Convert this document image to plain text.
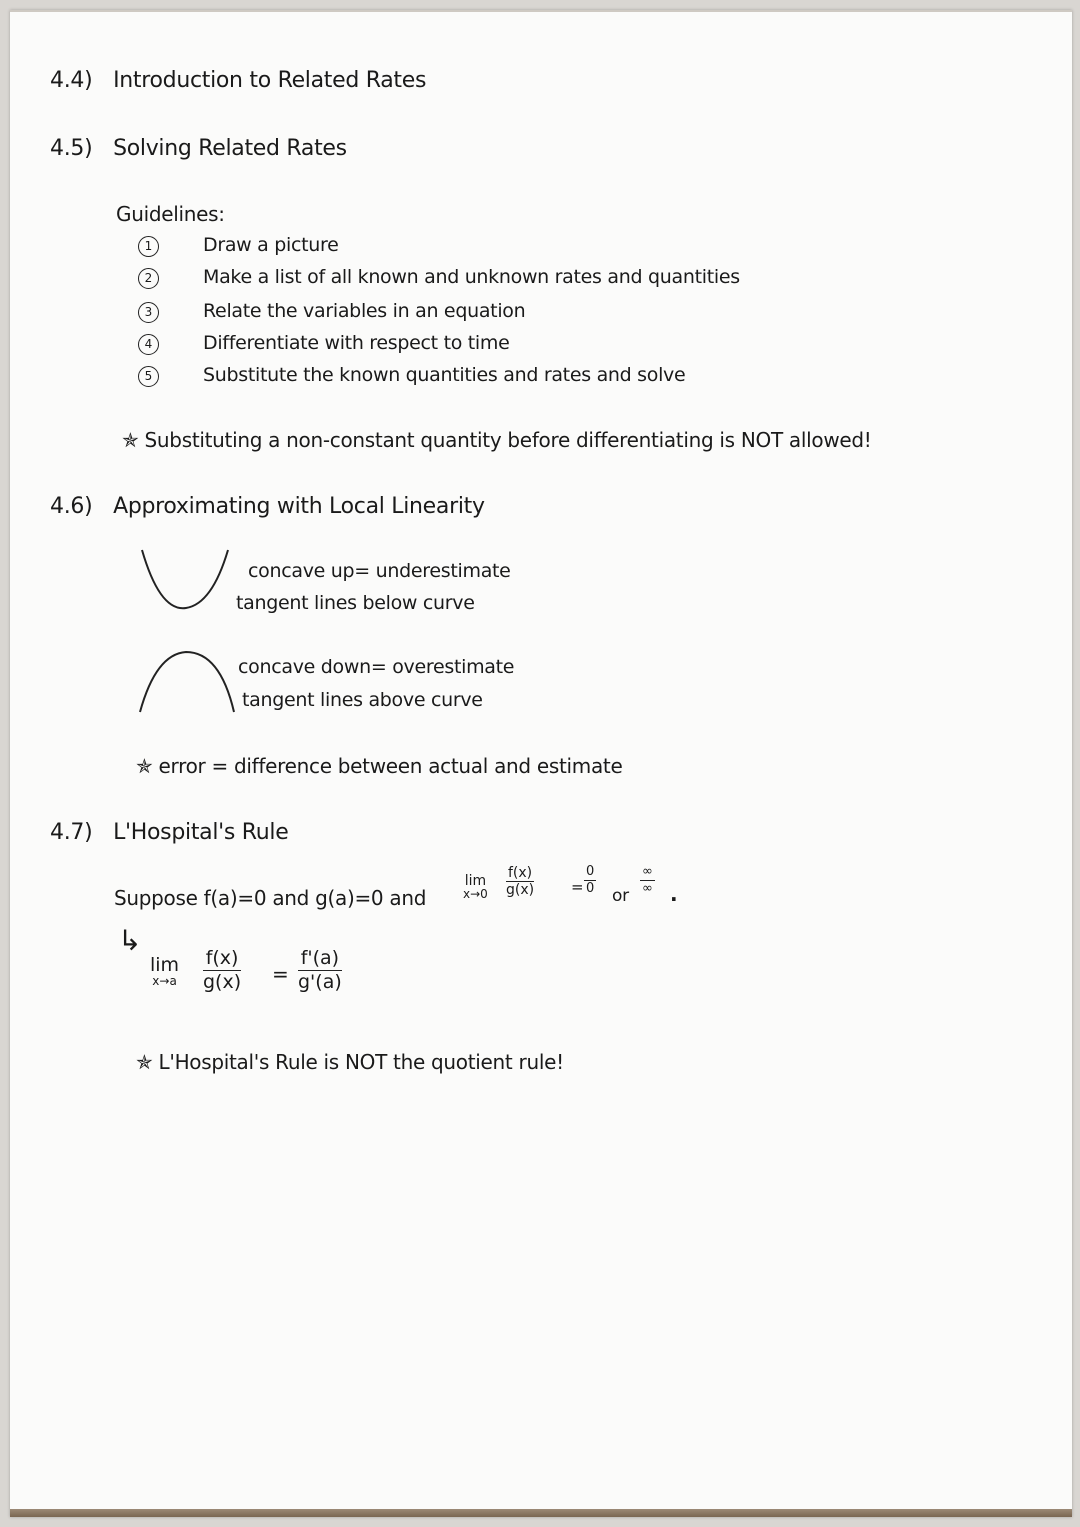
4.4) Introduction to Related Rates
4.5) Solving Related Rates
Guidelines:
1	Draw a picture
2	Make a list of all known and unknown rates and quantities
3	Relate the variables in an equation
4	Differentiate with respect to time
5	Substitute the known quantities and rates and solve
✯ Substituting a non-constant quantity before differentiating is NOT allowed!
4.6) Approximating with Local Linearity
concave up= underestimate
tangent lines below curve
concave down= overestimate
tangent lines above curve
✯ error = difference between actual and estimate
4.7) L'Hospital's Rule
Suppose f(a)=0 and g(a)=0 and
lim
$x\to 0 \frac{f(x)}{g(x)} = \frac{0}{0}$ or
∞
∞ .
↳
lim
$x\to a \frac{f(x)}{g(x)} = \frac{f'(a)}{g'(a)}$
✯ L'Hospital's Rule is NOT the quotient rule!
